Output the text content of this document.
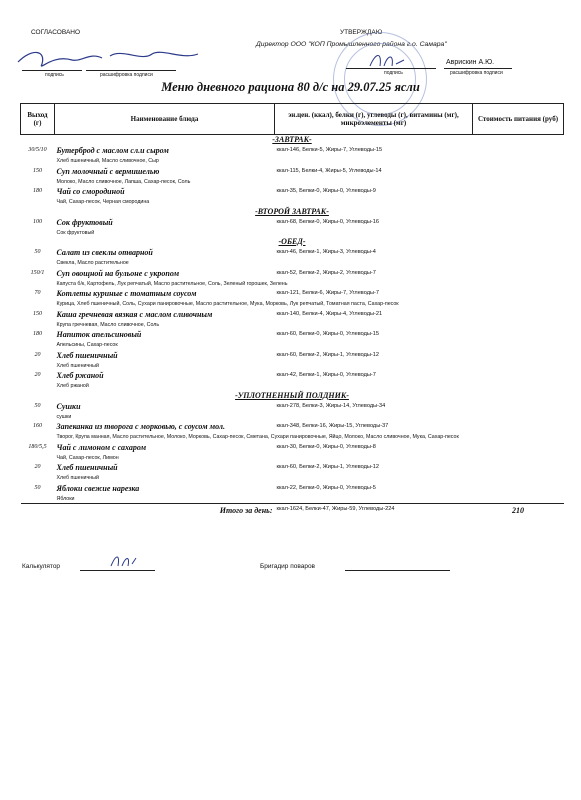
СОГЛАСОВАНО	УТВЕРЖДАЮ
Директор ООО "КОП Промышленного района г.о. Самара"
подпись	расшифровка подписи
Аврискин А.Ю.
подпись	расшифровка подписи
Меню дневного рациона 80 д/с на 29.07.25 ясли
Выход (г)	Наименование блюда	эн.цен. (ккал), белки (г), углеводы (г), витамины (мг), микроэлементы (мг)	Стоимость питания (руб)
-ЗАВТРАК-			
30/5/10	Бутерброд с маслом сл.и сыром	ккал-146, Белки-5, Жиры-7, Углеводы-15	
	Хлеб пшеничный, Масло сливочное, Сыр		
150	Суп молочный с вермишелью	ккал-115, Белки-4, Жиры-5, Углеводы-14	
	Молоко, Масло сливочное, Лапша, Сахар-песок, Соль		
180	Чай со смородиной	ккал-35, Белки-0, Жиры-0, Углеводы-9	
	Чай, Сахар-песок, Черная смородина		
-ВТОРОЙ ЗАВТРАК-			
100	Сок фруктовый	ккал-68, Белки-0, Жиры-0, Углеводы-16	
	Сок фруктовый		
-ОБЕД-			
50	Салат из свеклы отварной	ккал-46, Белки-1, Жиры-3, Углеводы-4	
	Свекла, Масло растительное		
150/1	Суп овощной на бульоне с укропом	ккал-52, Белки-2, Жиры-2, Углеводы-7	
	Капуста б/к, Картофель, Лук репчатый, Масло растительное, Соль, Зеленый горошек, Зелень		
70	Котлеты куриные с томатным соусом	ккал-121, Белки-6, Жиры-7, Углеводы-7	
	Курица, Хлеб пшеничный, Соль, Сухари панировочные, Масло растительное, Мука, Морковь, Лук репчатый, Томатная паста, Сахар-песок		
150	Каша гречневая вязкая с маслом сливочным	ккал-140, Белки-4, Жиры-4, Углеводы-21	
	Крупа гречневая, Масло сливочное, Соль		
180	Напиток апельсиновый	ккал-60, Белки-0, Жиры-0, Углеводы-15	
	Апельсины, Сахар-песок		
20	Хлеб пшеничный	ккал-60, Белки-2, Жиры-1, Углеводы-12	
	Хлеб пшеничный		
20	Хлеб ржаной	ккал-42, Белки-1, Жиры-0, Углеводы-7	
	Хлеб ржаной		
-УПЛОТНЕННЫЙ ПОЛДНИК-			
50	Сушки	ккал-278, Белки-3, Жиры-14, Углеводы-34	
	сушки		
160	Запеканка из творога с морковью, с соусом мол.	ккал-348, Белки-16, Жиры-15, Углеводы-37	
	Творог, Крупа манная, Масло растительное, Молоко, Морковь, Сахар-песок, Сметана, Сухари панировочные, Яйцо, Молоко, Масло сливочное, Мука, Сахар-песок		
180/5,5	Чай с лимоном с сахаром	ккал-30, Белки-0, Жиры-0, Углеводы-8	
	Чай, Сахар-песок, Лимон		
20	Хлеб пшеничный	ккал-60, Белки-2, Жиры-1, Углеводы-12	
	Хлеб пшеничный		
50	Яблоки свежие нарезка	ккал-22, Белки-0, Жиры-0, Углеводы-5	
	Яблоки		
	Итого за день:	ккал-1624, Белки-47, Жиры-59, Углеводы-224	210
Калькулятор	Бригадир поваров
